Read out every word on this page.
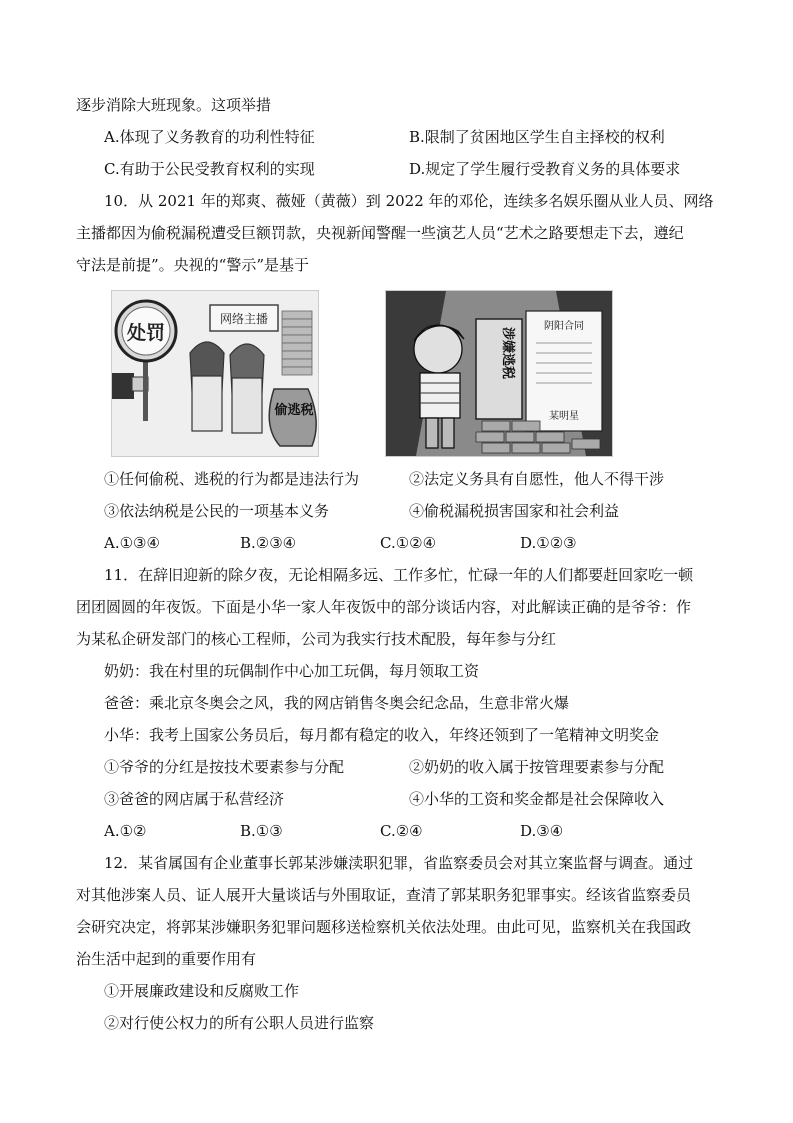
逐步消除大班现象。这项举措
A.体现了义务教育的功利性特征	B.限制了贫困地区学生自主择校的权利
C.有助于公民受教育权利的实现	D.规定了学生履行受教育义务的具体要求
10．从 2021 年的郑爽、薇娅（黄薇）到 2022 年的邓伦，连续多名娱乐圈从业人员、网络
主播都因为偷税漏税遭受巨额罚款，央视新闻警醒一些演艺人员“艺术之路要想走下去，遵纪
守法是前提”。央视的“警示”是基于
处罚
网络主播
偷逃税
涉嫌逃税
阴阳合同
某明星
①任何偷税、逃税的行为都是违法行为	②法定义务具有自愿性，他人不得干涉
③依法纳税是公民的一项基本义务	④偷税漏税损害国家和社会利益
A.①③④	B.②③④	C.①②④	D.①②③
11．在辞旧迎新的除夕夜，无论相隔多远、工作多忙，忙碌一年的人们都要赶回家吃一顿
团团圆圆的年夜饭。下面是小华一家人年夜饭中的部分谈话内容，对此解读正确的是爷爷：作
为某私企研发部门的核心工程师，公司为我实行技术配股，每年参与分红
奶奶：我在村里的玩偶制作中心加工玩偶，每月领取工资
爸爸：乘北京冬奥会之风，我的网店销售冬奥会纪念品，生意非常火爆
小华：我考上国家公务员后，每月都有稳定的收入，年终还领到了一笔精神文明奖金
①爷爷的分红是按技术要素参与分配	②奶奶的收入属于按管理要素参与分配
③爸爸的网店属于私营经济	④小华的工资和奖金都是社会保障收入
A.①②	B.①③	C.②④	D.③④
12．某省属国有企业董事长郭某涉嫌渎职犯罪，省监察委员会对其立案监督与调查。通过
对其他涉案人员、证人展开大量谈话与外围取证，查清了郭某职务犯罪事实。经该省监察委员
会研究决定，将郭某涉嫌职务犯罪问题移送检察机关依法处理。由此可见，监察机关在我国政
治生活中起到的重要作用有
①开展廉政建设和反腐败工作
②对行使公权力的所有公职人员进行监察
